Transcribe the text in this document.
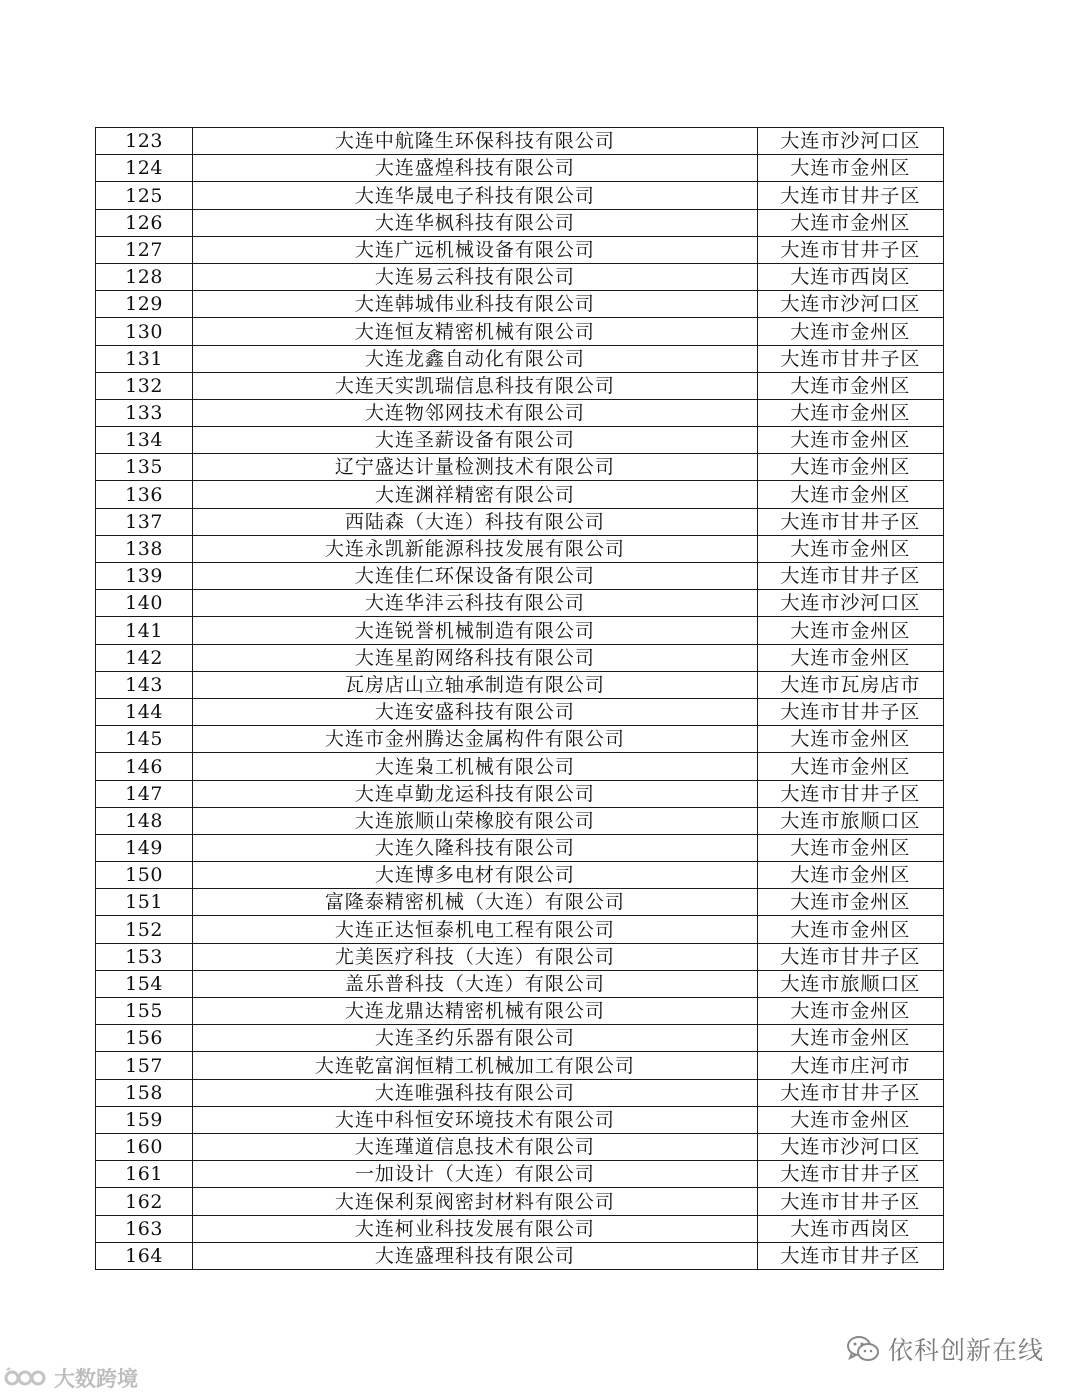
123	大连中航隆生环保科技有限公司	大连市沙河口区
124	大连盛煌科技有限公司	大连市金州区
125	大连华晟电子科技有限公司	大连市甘井子区
126	大连华枫科技有限公司	大连市金州区
127	大连广远机械设备有限公司	大连市甘井子区
128	大连易云科技有限公司	大连市西岗区
129	大连韩城伟业科技有限公司	大连市沙河口区
130	大连恒友精密机械有限公司	大连市金州区
131	大连龙鑫自动化有限公司	大连市甘井子区
132	大连天实凯瑞信息科技有限公司	大连市金州区
133	大连物邻网技术有限公司	大连市金州区
134	大连圣薪设备有限公司	大连市金州区
135	辽宁盛达计量检测技术有限公司	大连市金州区
136	大连渊祥精密有限公司	大连市金州区
137	西陆森（大连）科技有限公司	大连市甘井子区
138	大连永凯新能源科技发展有限公司	大连市金州区
139	大连佳仁环保设备有限公司	大连市甘井子区
140	大连华沣云科技有限公司	大连市沙河口区
141	大连锐誉机械制造有限公司	大连市金州区
142	大连星韵网络科技有限公司	大连市金州区
143	瓦房店山立轴承制造有限公司	大连市瓦房店市
144	大连安盛科技有限公司	大连市甘井子区
145	大连市金州腾达金属构件有限公司	大连市金州区
146	大连枭工机械有限公司	大连市金州区
147	大连卓勤龙运科技有限公司	大连市甘井子区
148	大连旅顺山荣橡胶有限公司	大连市旅顺口区
149	大连久隆科技有限公司	大连市金州区
150	大连博多电材有限公司	大连市金州区
151	富隆泰精密机械（大连）有限公司	大连市金州区
152	大连正达恒泰机电工程有限公司	大连市金州区
153	尤美医疗科技（大连）有限公司	大连市甘井子区
154	盖乐普科技（大连）有限公司	大连市旅顺口区
155	大连龙鼎达精密机械有限公司	大连市金州区
156	大连圣约乐器有限公司	大连市金州区
157	大连乾富润恒精工机械加工有限公司	大连市庄河市
158	大连唯强科技有限公司	大连市甘井子区
159	大连中科恒安环境技术有限公司	大连市金州区
160	大连瑾道信息技术有限公司	大连市沙河口区
161	一加设计（大连）有限公司	大连市甘井子区
162	大连保利泵阀密封材料有限公司	大连市甘井子区
163	大连柯业科技发展有限公司	大连市西岗区
164	大连盛理科技有限公司	大连市甘井子区
依科创新在线
大数跨境
